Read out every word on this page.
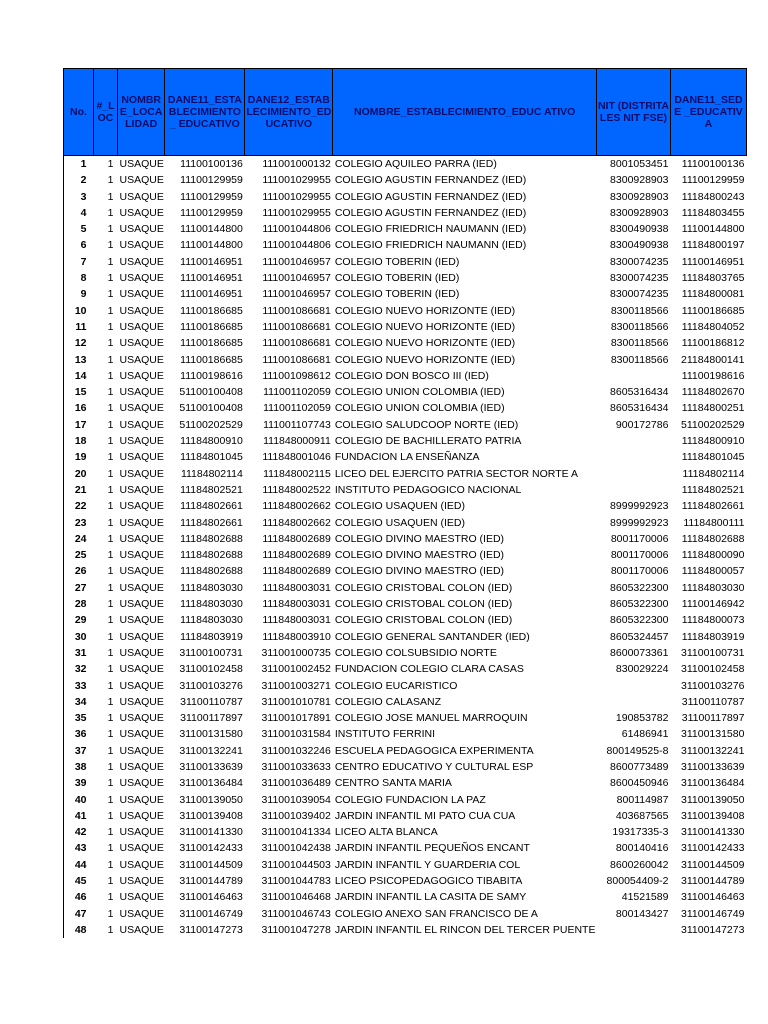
No.	#_L OC	NOMBR E_LOCA LIDAD	DANE11_ESTA BLECIMIENTO_ EDUCATIVO	DANE12_ESTAB LECIMIENTO_ED UCATIVO	NOMBRE_ESTABLECIMIENTO_EDUC ATIVO	NIT (DISTRITALES NIT FSE)	DANE11_SEDE _EDUCATIVA
1	1	USAQUE	11100100136	111001000132	COLEGIO AQUILEO PARRA (IED)	8001053451	11100100136
2	1	USAQUE	11100129959	111001029955	COLEGIO AGUSTIN FERNANDEZ (IED)	8300928903	11100129959
3	1	USAQUE	11100129959	111001029955	COLEGIO AGUSTIN FERNANDEZ (IED)	8300928903	11184800243
4	1	USAQUE	11100129959	111001029955	COLEGIO AGUSTIN FERNANDEZ (IED)	8300928903	11184803455
5	1	USAQUE	11100144800	111001044806	COLEGIO FRIEDRICH NAUMANN (IED)	8300490938	11100144800
6	1	USAQUE	11100144800	111001044806	COLEGIO FRIEDRICH NAUMANN (IED)	8300490938	11184800197
7	1	USAQUE	11100146951	111001046957	COLEGIO TOBERIN (IED)	8300074235	11100146951
8	1	USAQUE	11100146951	111001046957	COLEGIO TOBERIN (IED)	8300074235	11184803765
9	1	USAQUE	11100146951	111001046957	COLEGIO TOBERIN (IED)	8300074235	11184800081
10	1	USAQUE	11100186685	111001086681	COLEGIO NUEVO HORIZONTE (IED)	8300118566	11100186685
11	1	USAQUE	11100186685	111001086681	COLEGIO NUEVO HORIZONTE (IED)	8300118566	11184804052
12	1	USAQUE	11100186685	111001086681	COLEGIO NUEVO HORIZONTE (IED)	8300118566	11100186812
13	1	USAQUE	11100186685	111001086681	COLEGIO NUEVO HORIZONTE (IED)	8300118566	21184800141
14	1	USAQUE	11100198616	111001098612	COLEGIO DON BOSCO III (IED)		11100198616
15	1	USAQUE	51100100408	111001102059	COLEGIO UNION COLOMBIA (IED)	8605316434	11184802670
16	1	USAQUE	51100100408	111001102059	COLEGIO UNION COLOMBIA (IED)	8605316434	11184800251
17	1	USAQUE	51100202529	111001107743	COLEGIO SALUDCOOP NORTE (IED)	900172786	51100202529
18	1	USAQUE	11184800910	111848000911	COLEGIO DE BACHILLERATO PATRIA		11184800910
19	1	USAQUE	11184801045	111848001046	FUNDACION LA ENSEÑANZA		11184801045
20	1	USAQUE	11184802114	111848002115	LICEO DEL EJERCITO PATRIA SECTOR NORTE A		11184802114
21	1	USAQUE	11184802521	111848002522	INSTITUTO PEDAGOGICO NACIONAL		11184802521
22	1	USAQUE	11184802661	111848002662	COLEGIO USAQUEN (IED)	8999992923	11184802661
23	1	USAQUE	11184802661	111848002662	COLEGIO USAQUEN (IED)	8999992923	11184800111
24	1	USAQUE	11184802688	111848002689	COLEGIO DIVINO MAESTRO (IED)	8001170006	11184802688
25	1	USAQUE	11184802688	111848002689	COLEGIO DIVINO MAESTRO (IED)	8001170006	11184800090
26	1	USAQUE	11184802688	111848002689	COLEGIO DIVINO MAESTRO (IED)	8001170006	11184800057
27	1	USAQUE	11184803030	111848003031	COLEGIO CRISTOBAL COLON (IED)	8605322300	11184803030
28	1	USAQUE	11184803030	111848003031	COLEGIO CRISTOBAL COLON (IED)	8605322300	11100146942
29	1	USAQUE	11184803030	111848003031	COLEGIO CRISTOBAL COLON (IED)	8605322300	11184800073
30	1	USAQUE	11184803919	111848003910	COLEGIO GENERAL SANTANDER (IED)	8605324457	11184803919
31	1	USAQUE	31100100731	311001000735	COLEGIO COLSUBSIDIO NORTE	8600073361	31100100731
32	1	USAQUE	31100102458	311001002452	FUNDACION COLEGIO CLARA CASAS	830029224	31100102458
33	1	USAQUE	31100103276	311001003271	COLEGIO EUCARISTICO		31100103276
34	1	USAQUE	31100110787	311001010781	COLEGIO CALASANZ		31100110787
35	1	USAQUE	31100117897	311001017891	COLEGIO JOSE MANUEL MARROQUIN	190853782	31100117897
36	1	USAQUE	31100131580	311001031584	INSTITUTO FERRINI	61486941	31100131580
37	1	USAQUE	31100132241	311001032246	ESCUELA PEDAGOGICA EXPERIMENTA	800149525-8	31100132241
38	1	USAQUE	31100133639	311001033633	CENTRO EDUCATIVO Y CULTURAL ESP	8600773489	31100133639
39	1	USAQUE	31100136484	311001036489	CENTRO SANTA MARIA	8600450946	31100136484
40	1	USAQUE	31100139050	311001039054	COLEGIO FUNDACION LA PAZ	800114987	31100139050
41	1	USAQUE	31100139408	311001039402	JARDIN INFANTIL MI PATO CUA CUA	403687565	31100139408
42	1	USAQUE	31100141330	311001041334	LICEO ALTA BLANCA	19317335-3	31100141330
43	1	USAQUE	31100142433	311001042438	JARDIN INFANTIL PEQUEÑOS ENCANT	800140416	31100142433
44	1	USAQUE	31100144509	311001044503	JARDIN INFANTIL Y GUARDERIA COL	8600260042	31100144509
45	1	USAQUE	31100144789	311001044783	LICEO PSICOPEDAGOGICO TIBABITA	800054409-2	31100144789
46	1	USAQUE	31100146463	311001046468	JARDIN INFANTIL LA CASITA DE SAMY	41521589	31100146463
47	1	USAQUE	31100146749	311001046743	COLEGIO ANEXO SAN FRANCISCO DE A	800143427	31100146749
48	1	USAQUE	31100147273	311001047278	JARDIN INFANTIL EL RINCON DEL TERCER PUENTE		31100147273
